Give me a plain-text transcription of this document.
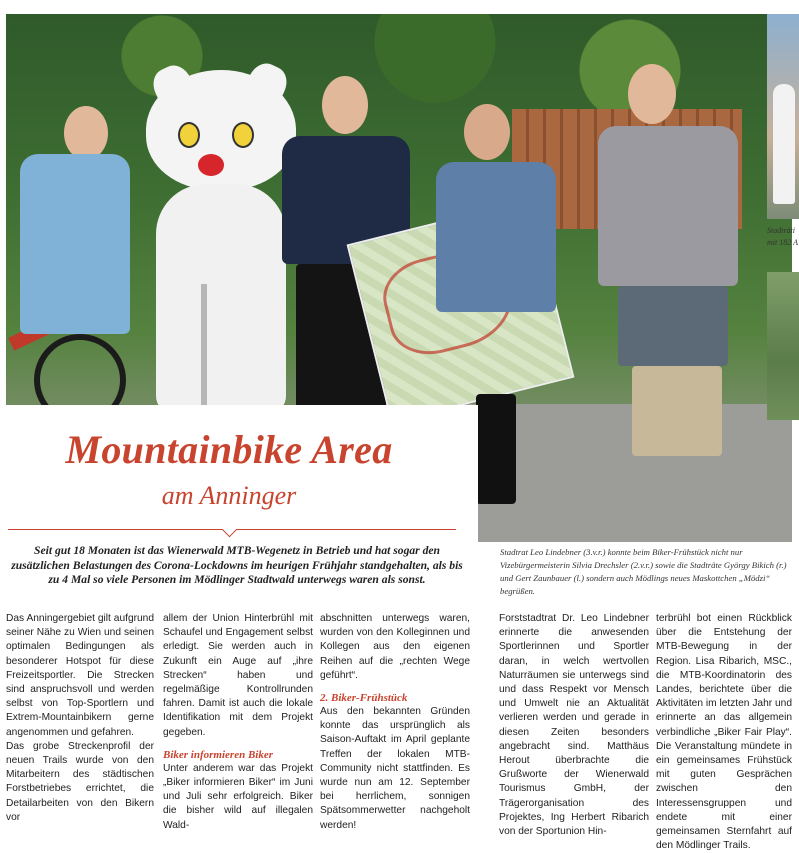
Stadträti
mit 182 A
Mountainbike Area
am Anninger
Seit gut 18 Monaten ist das Wienerwald MTB-Wegenetz in Betrieb und hat sogar den zusätzlichen Belastungen des Corona-Lockdowns im heurigen Frühjahr standgehalten, als bis zu 4 Mal so viele Personen im Mödlinger Stadtwald unterwegs waren als sonst.
Stadtrat Leo Lindebner (3.v.r.) konnte beim Biker-Frühstück nicht nur Vizebürgermeisterin Silvia Drechsler (2.v.r.) sowie die Stadträte György Bikich (r.) und Gert Zaunbauer (l.) sondern auch Mödlings neues Maskottchen „Mödzi“ begrüßen.

Das Anningergebiet gilt aufgrund seiner Nähe zu Wien und seinen optimalen Bedingungen als besonderer Hotspot für diese Freizeitsportler. Die Strecken sind anspruchsvoll und werden selbst von Top-Sportlern und Extrem-Mountainbikern gerne angenommen und gefahren.

Das grobe Streckenprofil der neuen Trails wurde von den Mitarbeitern des städtischen Forstbetriebes errichtet, die Detailarbeiten von den Bikern vor

allem der Union Hinterbrühl mit Schaufel und Engagement selbst erledigt. Sie werden auch in Zukunft ein Auge auf „ihre Strecken“ haben und regelmäßige Kontrollrunden fahren. Damit ist auch die lokale Identifikation mit dem Projekt gegeben.

Biker informieren Biker

Unter anderem war das Projekt „Biker informieren Biker“ im Juni und Juli sehr erfolgreich. Biker die bisher wild auf illegalen Wald-

abschnitten unterwegs waren, wurden von den Kolleginnen und Kollegen aus den eigenen Reihen auf die „rechten Wege geführt“.

2. Biker-Frühstück

Aus den bekannten Gründen konnte das ursprünglich als Saison-Auftakt im April geplante Treffen der lokalen MTB-Community nicht stattfinden. Es wurde nun am 12. September bei herrlichem, sonnigen Spätsommerwetter nachgeholt werden!

Forststadtrat Dr. Leo Lindebner erinnerte die anwesenden Sportlerinnen und Sportler daran, in welch wertvollen Naturräumen sie unterwegs sind und dass Respekt vor Mensch und Umwelt nie an Aktualität verlieren werden und gerade in diesen Zeiten besonders angebracht sind. Matthäus Herout überbrachte die Grußworte der Wienerwald Tourismus GmbH, der Trägerorganisation des Projektes, Ing Herbert Ribarich von der Sportunion Hin-

terbrühl bot einen Rückblick über die Entstehung der MTB-Bewegung in der Region. Lisa Ribarich, MSC., die MTB-Koordinatorin des Landes, berichtete über die Aktivitäten im letzten Jahr und erinnerte an das allgemein verbindliche „Biker Fair Play“. Die Veranstaltung mündete in ein gemeinsames Frühstück mit guten Gesprächen zwischen den Interessensgruppen und endete mit einer gemeinsamen Sternfahrt auf den Mödlinger Trails.
